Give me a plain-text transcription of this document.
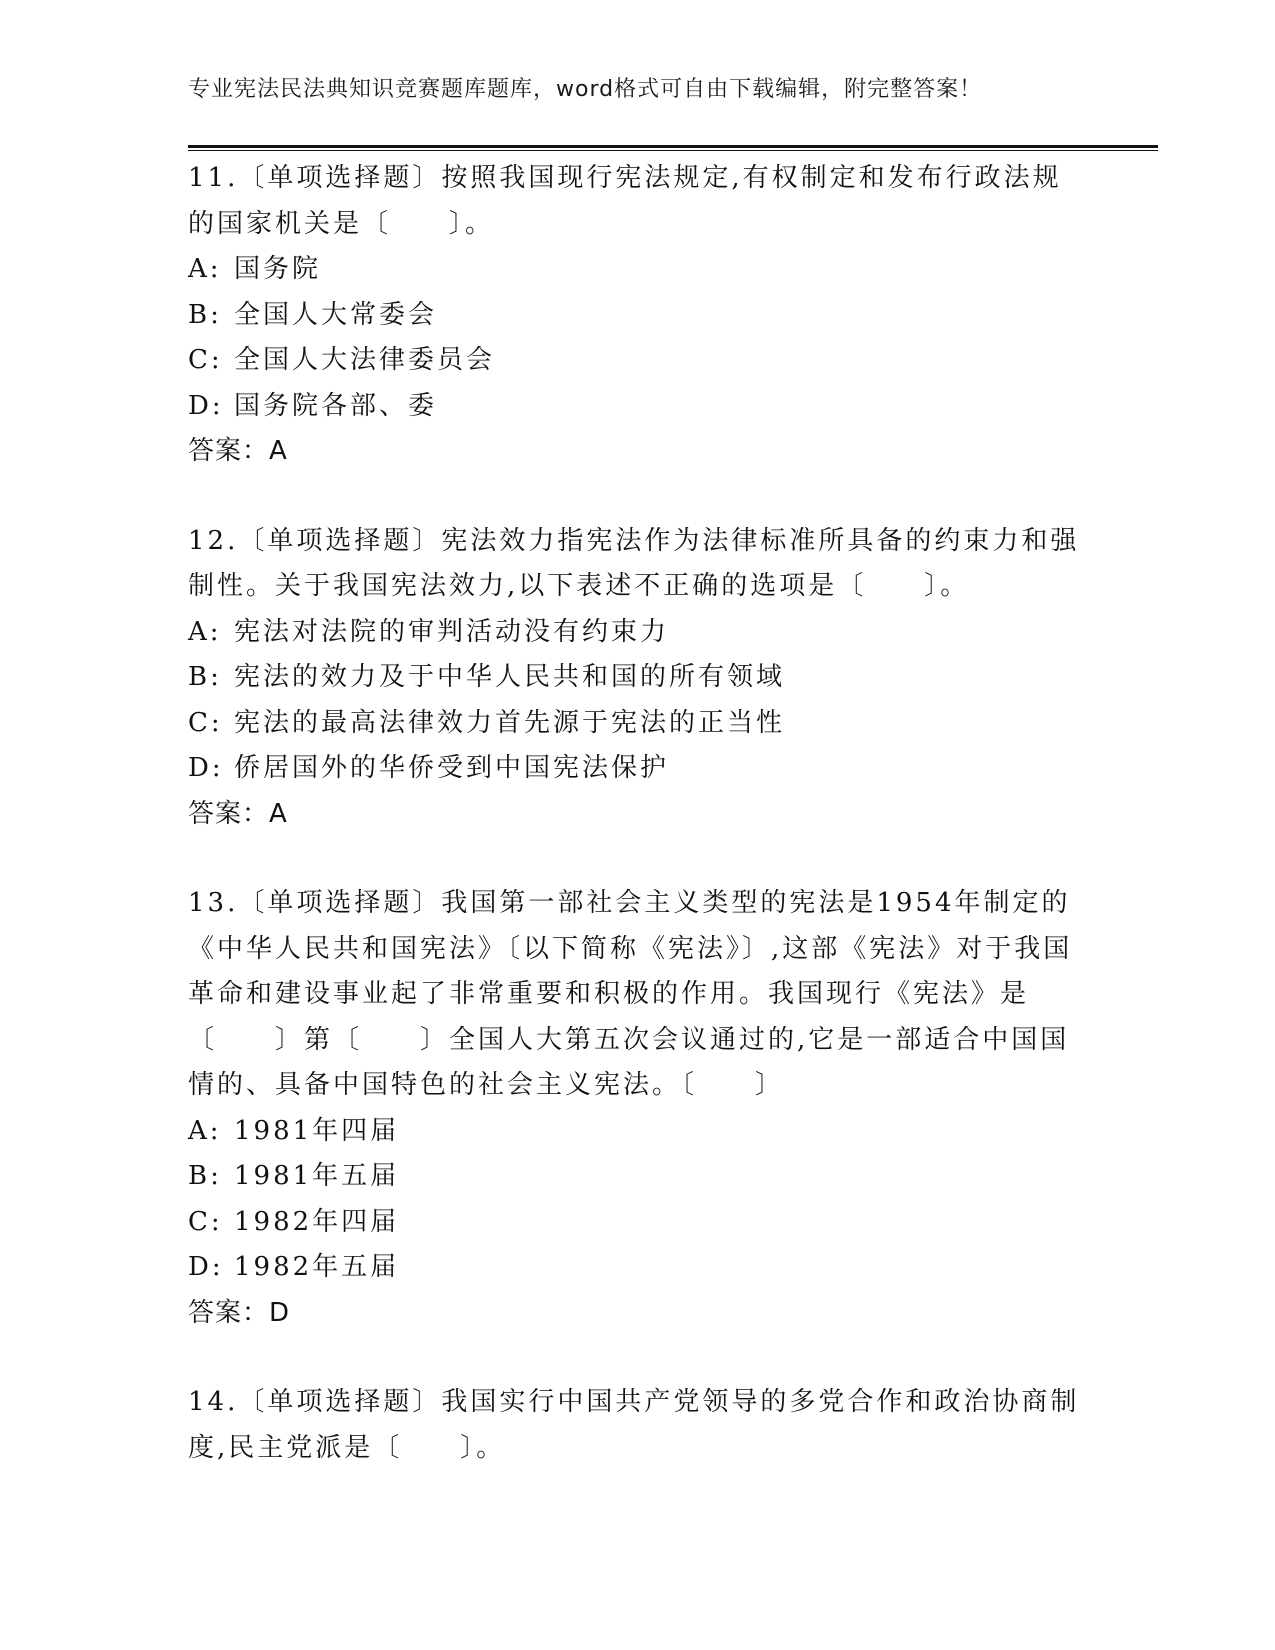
专业宪法民法典知识竞赛题库题库，word格式可自由下载编辑，附完整答案！

11.〔单项选择题〕按照我国现行宪法规定,有权制定和发布行政法规的国家机关是〔　　〕。

A: 国务院
B: 全国人大常委会
C: 全国人大法律委员会
D: 国务院各部、委
答案：A

12.〔单项选择题〕宪法效力指宪法作为法律标准所具备的约束力和强制性。关于我国宪法效力,以下表述不正确的选项是〔　　〕。

A: 宪法对法院的审判活动没有约束力
B: 宪法的效力及于中华人民共和国的所有领域
C: 宪法的最高法律效力首先源于宪法的正当性
D: 侨居国外的华侨受到中国宪法保护
答案：A

13.〔单项选择题〕我国第一部社会主义类型的宪法是1954年制定的《中华人民共和国宪法》〔以下简称《宪法》〕,这部《宪法》对于我国革命和建设事业起了非常重要和积极的作用。我国现行《宪法》是〔　　〕第〔　　〕全国人大第五次会议通过的,它是一部适合中国国情的、具备中国特色的社会主义宪法。〔　　〕

A: 1981年四届
B: 1981年五届
C: 1982年四届
D: 1982年五届
答案：D

14.〔单项选择题〕我国实行中国共产党领导的多党合作和政治协商制度,民主党派是〔　　〕。
